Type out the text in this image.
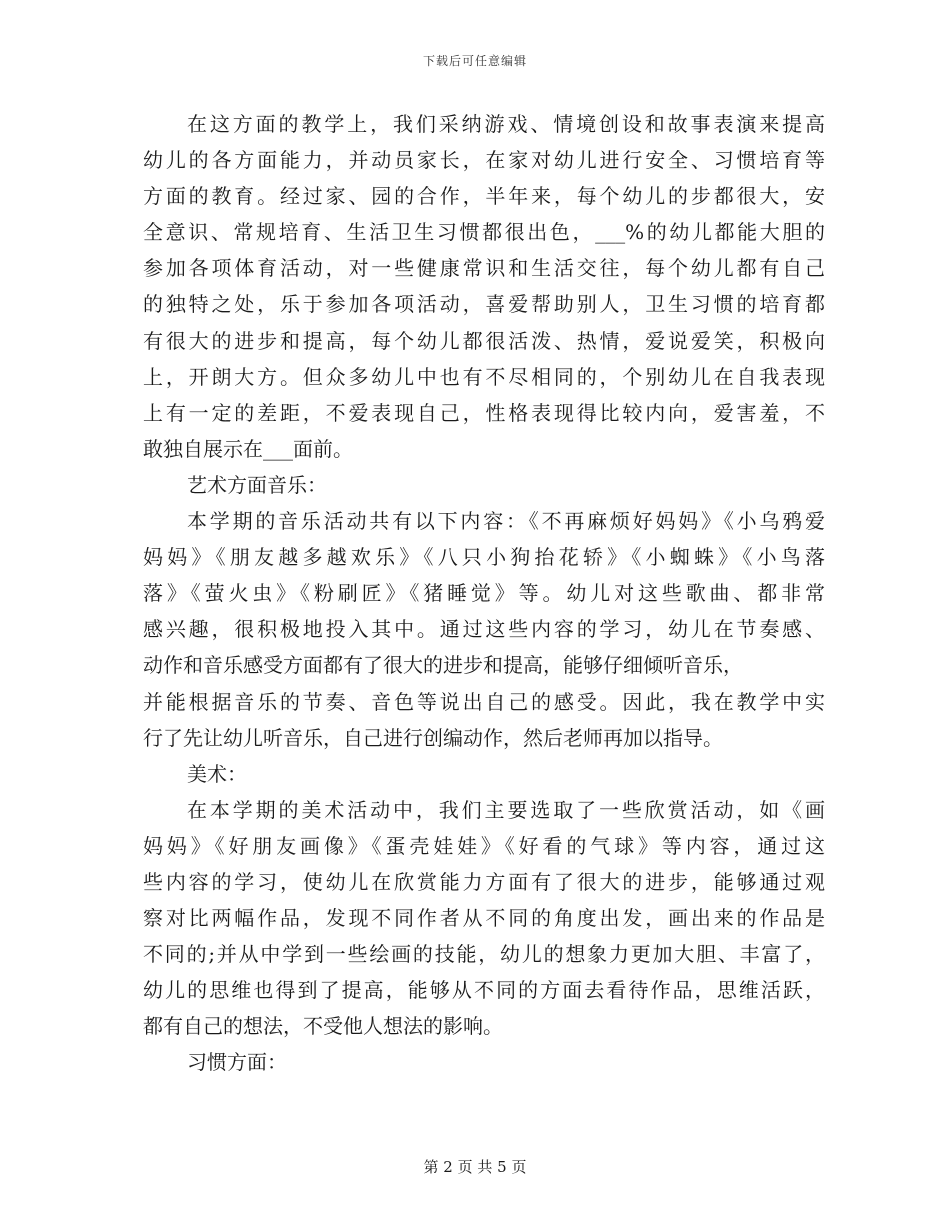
下载后可任意编辑
在这方面的教学上，我们采纳游戏、情境创设和故事表演来提高
幼儿的各方面能力，并动员家长，在家对幼儿进行安全、习惯培育等
方面的教育。经过家、园的合作，半年来，每个幼儿的步都很大，安
全意识、常规培育、生活卫生习惯都很出色，___%的幼儿都能大胆的
参加各项体育活动，对一些健康常识和生活交往，每个幼儿都有自己
的独特之处，乐于参加各项活动，喜爱帮助别人，卫生习惯的培育都
有很大的进步和提高，每个幼儿都很活泼、热情，爱说爱笑，积极向
上，开朗大方。但众多幼儿中也有不尽相同的，个别幼儿在自我表现
上有一定的差距，不爱表现自己，性格表现得比较内向，爱害羞，不
敢独自展示在___面前。
艺术方面音乐：
本学期的音乐活动共有以下内容：《不再麻烦好妈妈》《小乌鸦爱
妈妈》《朋友越多越欢乐》《八只小狗抬花轿》《小蜘蛛》《小鸟落
落》《萤火虫》《粉刷匠》《猪睡觉》等。幼儿对这些歌曲、都非常
感兴趣，很积极地投入其中。通过这些内容的学习，幼儿在节奏感、
动作和音乐感受方面都有了很大的进步和提高，能够仔细倾听音乐，
并能根据音乐的节奏、音色等说出自己的感受。因此，我在教学中实
行了先让幼儿听音乐，自己进行创编动作，然后老师再加以指导。
美术：
在本学期的美术活动中，我们主要选取了一些欣赏活动，如《画
妈妈》《好朋友画像》《蛋壳娃娃》《好看的气球》等内容，通过这
些内容的学习，使幼儿在欣赏能力方面有了很大的进步，能够通过观
察对比两幅作品，发现不同作者从不同的角度出发，画出来的作品是
不同的;并从中学到一些绘画的技能，幼儿的想象力更加大胆、丰富了，
幼儿的思维也得到了提高，能够从不同的方面去看待作品，思维活跃，
都有自己的想法，不受他人想法的影响。
习惯方面：
第 2 页 共 5 页
